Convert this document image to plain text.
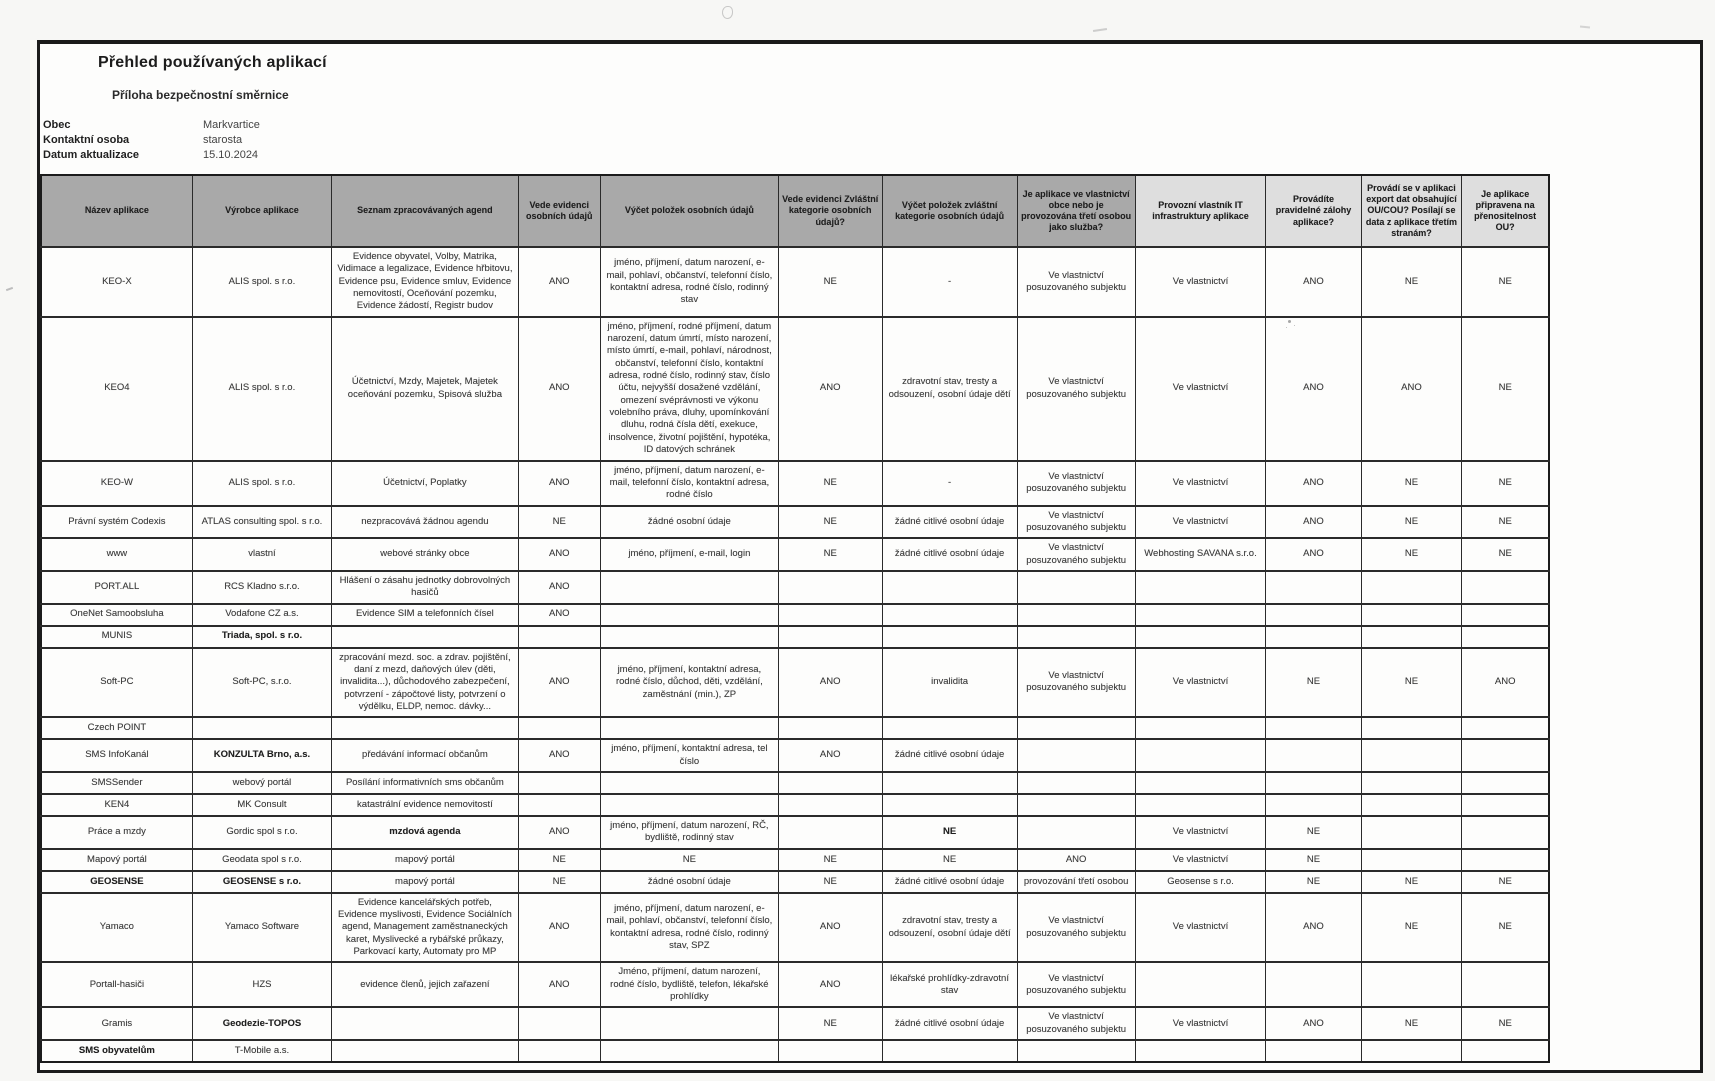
Přehled používaných aplikací
Příloha bezpečnostní směrnice
Obec	Markvartice
Kontaktní osoba	starosta
Datum aktualizace	15.10.2024
Název aplikace	Výrobce aplikace	Seznam zpracovávaných agend	Vede evidenci osobních údajů	Výčet položek osobních údajů	Vede evidenci Zvláštní kategorie osobních údajů?	Výčet položek zvláštní kategorie osobních údajů	Je aplikace ve vlastnictví obce nebo je provozována třetí osobou jako služba?	Provozní vlastník IT infrastruktury aplikace	Provádíte pravidelné zálohy aplikace?	Provádí se v aplikaci export dat obsahující OU/COU? Posílají se data z aplikace třetím stranám?	Je aplikace připravena na přenositelnost OU?
KEO-X	ALIS spol. s r.o.	Evidence obyvatel, Volby, Matrika, Vidimace a legalizace, Evidence hřbitovu, Evidence psu, Evidence smluv, Evidence nemovitostí, Oceňování pozemku, Evidence žádostí, Registr budov	ANO	jméno, příjmení, datum narození, e-mail, pohlaví, občanství, telefonní číslo, kontaktní adresa, rodné číslo, rodinný stav	NE	-	Ve vlastnictví posuzovaného subjektu	Ve vlastnictví	ANO	NE	NE
KEO4	ALIS spol. s r.o.	Účetnictví, Mzdy, Majetek, Majetek oceňování pozemku, Spisová služba	ANO	jméno, příjmení, rodné příjmení, datum narození, datum úmrtí, místo narození, místo úmrtí, e-mail, pohlaví, národnost, občanství, telefonní číslo, kontaktní adresa, rodné číslo, rodinný stav, číslo účtu, nejvyšší dosažené vzdělání, omezení svéprávnosti ve výkonu volebního práva, dluhy, upomínkování dluhu, rodná čísla dětí, exekuce, insolvence, životní pojištění, hypotéka, ID datových schránek	ANO	zdravotní stav, tresty a odsouzení, osobní údaje dětí	Ve vlastnictví posuzovaného subjektu	Ve vlastnictví	ANO	ANO	NE
KEO-W	ALIS spol. s r.o.	Účetnictví, Poplatky	ANO	jméno, příjmení, datum narození, e-mail, telefonní číslo, kontaktní adresa, rodné číslo	NE	-	Ve vlastnictví posuzovaného subjektu	Ve vlastnictví	ANO	NE	NE
Právní systém Codexis	ATLAS consulting spol. s r.o.	nezpracovává žádnou agendu	NE	žádné osobní údaje	NE	žádné citlivé osobní údaje	Ve vlastnictví posuzovaného subjektu	Ve vlastnictví	ANO	NE	NE
www	vlastní	webové stránky obce	ANO	jméno, příjmení, e-mail, login	NE	žádné citlivé osobní údaje	Ve vlastnictví posuzovaného subjektu	Webhosting SAVANA s.r.o.	ANO	NE	NE
PORT.ALL	RCS Kladno s.r.o.	Hlášení o zásahu jednotky dobrovolných hasičů	ANO								
OneNet Samoobsluha	Vodafone CZ a.s.	Evidence SIM a telefonních čísel	ANO								
MUNIS	Triada, spol. s r.o.										
Soft-PC	Soft-PC, s.r.o.	zpracování mezd. soc. a zdrav. pojištění, daní z mezd, daňových úlev (děti, invalidita...), důchodového zabezpečení, potvrzení - zápočtové listy, potvrzení o výdělku, ELDP, nemoc. dávky...	ANO	jméno, příjmení, kontaktní adresa, rodné číslo, důchod, děti, vzdělání, zaměstnání (min.), ZP	ANO	invalidita	Ve vlastnictví posuzovaného subjektu	Ve vlastnictví	NE	NE	ANO
Czech POINT											
SMS InfoKanál	KONZULTA Brno, a.s.	předávání informací občanům	ANO	jméno, příjmení, kontaktní adresa, tel číslo	ANO	žádné citlivé osobní údaje					
SMSSender	webový portál	Posílání informativních sms občanům									
KEN4	MK Consult	katastrální evidence nemovitostí									
Práce a mzdy	Gordic spol s r.o.	mzdová agenda	ANO	jméno, příjmení, datum narození, RČ, bydliště, rodinný stav		NE		Ve vlastnictví	NE		
Mapový portál	Geodata spol s r.o.	mapový portál	NE	NE	NE	NE	ANO	Ve vlastnictví	NE		
GEOSENSE	GEOSENSE s r.o.	mapový portál	NE	žádné osobní údaje	NE	žádné citlivé osobní údaje	provozování třetí osobou	Geosense s r.o.	NE	NE	NE
Yamaco	Yamaco Software	Evidence kancelářských potřeb, Evidence myslivosti, Evidence Sociálních agend, Management zaměstnaneckých karet, Myslivecké a rybářské průkazy, Parkovací karty, Automaty pro MP	ANO	jméno, příjmení, datum narození, e-mail, pohlaví, občanství, telefonní číslo, kontaktní adresa, rodné číslo, rodinný stav, SPZ	ANO	zdravotní stav, tresty a odsouzení, osobní údaje dětí	Ve vlastnictví posuzovaného subjektu	Ve vlastnictví	ANO	NE	NE
Portall-hasiči	HZS	evidence členů, jejich zařazení	ANO	Jméno, příjmení, datum narození, rodné číslo, bydliště, telefon, lékařské prohlídky	ANO	lékařské prohlídky-zdravotní stav	Ve vlastnictví posuzovaného subjektu				
Gramis	Geodezie-TOPOS				NE	žádné citlivé osobní údaje	Ve vlastnictví posuzovaného subjektu	Ve vlastnictví	ANO	NE	NE
SMS obyvatelům	T-Mobile a.s.										
